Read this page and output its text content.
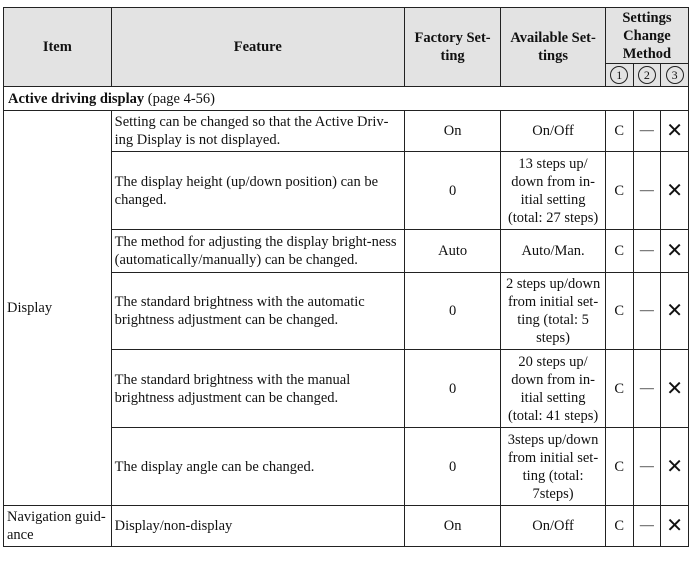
Item	Feature	Factory Set-ting	Available Set-tings	Settings Change Method		
				1	2	3
Active driving display (page 4-56)						
Display	Setting can be changed so that the Active Driv-ing Display is not displayed.	On	On/Off	C	—	✕
	The display height (up/down position) can be changed.	0	13 steps up/ down from in-itial setting (total: 27 steps)	C	—	✕
	The method for adjusting the display bright-ness (automatically/manually) can be changed.	Auto	Auto/Man.	C	—	✕
	The standard brightness with the automatic brightness adjustment can be changed.	0	2 steps up/down from initial set-ting (total: 5 steps)	C	—	✕
	The standard brightness with the manual brightness adjustment can be changed.	0	20 steps up/ down from in-itial setting (total: 41 steps)	C	—	✕
	The display angle can be changed.	0	3steps up/down from initial set-ting (total: 7steps)	C	—	✕
Navigation guid-ance	Display/non-display	On	On/Off	C	—	✕
